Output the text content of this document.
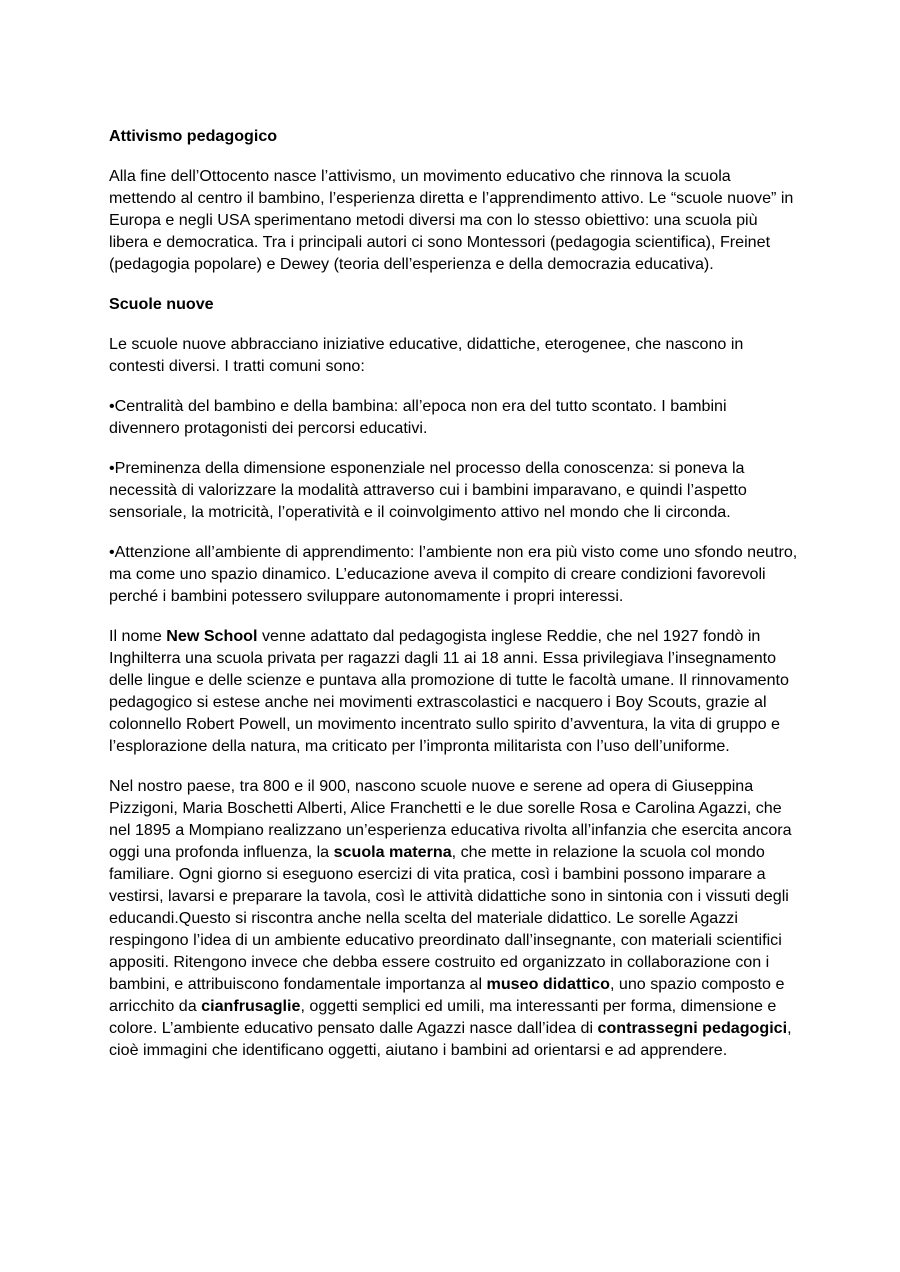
Attivismo pedagogico

Alla fine dell’Ottocento nasce l’attivismo, un movimento educativo che rinnova la scuola mettendo al centro il bambino, l’esperienza diretta e l’apprendimento attivo. Le “scuole nuove” in Europa e negli USA sperimentano metodi diversi ma con lo stesso obiettivo: una scuola più libera e democratica. Tra i principali autori ci sono Montessori (pedagogia scientifica), Freinet (pedagogia popolare) e Dewey (teoria dell’esperienza e della democrazia educativa).

Scuole nuove

Le scuole nuove abbracciano iniziative educative, didattiche, eterogenee, che nascono in contesti diversi. I tratti comuni sono:

•Centralità del bambino e della bambina: all’epoca non era del tutto scontato. I bambini divennero protagonisti dei percorsi educativi.

•Preminenza della dimensione esponenziale nel processo della conoscenza: si poneva la necessità di valorizzare la modalità attraverso cui i bambini imparavano, e quindi l’aspetto sensoriale, la motricità, l’operatività e il coinvolgimento attivo nel mondo che li circonda.

•Attenzione all’ambiente di apprendimento: l’ambiente non era più visto come uno sfondo neutro, ma come uno spazio dinamico. L’educazione aveva il compito di creare condizioni favorevoli perché i bambini potessero sviluppare autonomamente i propri interessi.

Il nome New School venne adattato dal pedagogista inglese Reddie, che nel 1927 fondò in Inghilterra una scuola privata per ragazzi dagli 11 ai 18 anni. Essa privilegiava l’insegnamento delle lingue e delle scienze e puntava alla promozione di tutte le facoltà umane. Il rinnovamento pedagogico si estese anche nei movimenti extrascolastici e nacquero i Boy Scouts, grazie al colonnello Robert Powell, un movimento incentrato sullo spirito d’avventura, la vita di gruppo e l’esplorazione della natura, ma criticato per l’impronta militarista con l’uso dell’uniforme.

Nel nostro paese, tra 800 e il 900, nascono scuole nuove e serene ad opera di Giuseppina Pizzigoni, Maria Boschetti Alberti, Alice Franchetti e le due sorelle Rosa e Carolina Agazzi, che nel 1895 a Mompiano realizzano un’esperienza educativa rivolta all’infanzia che esercita ancora oggi una profonda influenza, la scuola materna, che mette in relazione la scuola col mondo familiare. Ogni giorno si eseguono esercizi di vita pratica, così i bambini possono imparare a vestirsi, lavarsi e preparare la tavola, così le attività didattiche sono in sintonia con i vissuti degli educandi.Questo si riscontra anche nella scelta del materiale didattico. Le sorelle Agazzi respingono l’idea di un ambiente educativo preordinato dall’insegnante, con materiali scientifici appositi. Ritengono invece che debba essere costruito ed organizzato in collaborazione con i bambini, e attribuiscono fondamentale importanza al museo didattico, uno spazio composto e arricchito da cianfrusaglie, oggetti semplici ed umili, ma interessanti per forma, dimensione e colore. L’ambiente educativo pensato dalle Agazzi nasce dall’idea di contrassegni pedagogici, cioè immagini che identificano oggetti, aiutano i bambini ad orientarsi e ad apprendere.
